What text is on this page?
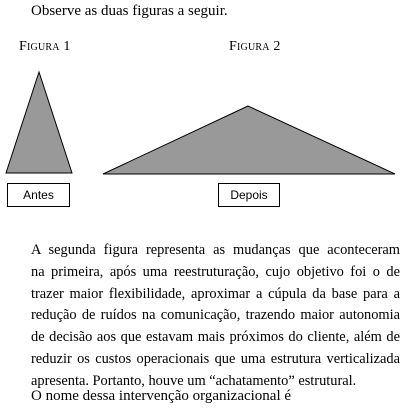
Observe as duas figuras a seguir.
Figura 1	Figura 2
Antes	Depois
A segunda figura representa as mudanças que aconteceram
na primeira, após uma reestruturação, cujo objetivo foi o de
trazer maior flexibilidade, aproximar a cúpula da base para a
redução de ruídos na comunicação, trazendo maior autonomia
de decisão aos que estavam mais próximos do cliente, além de
reduzir os custos operacionais que uma estrutura verticalizada
apresenta. Portanto, houve um “achatamento” estrutural.
O nome dessa intervenção organizacional é
